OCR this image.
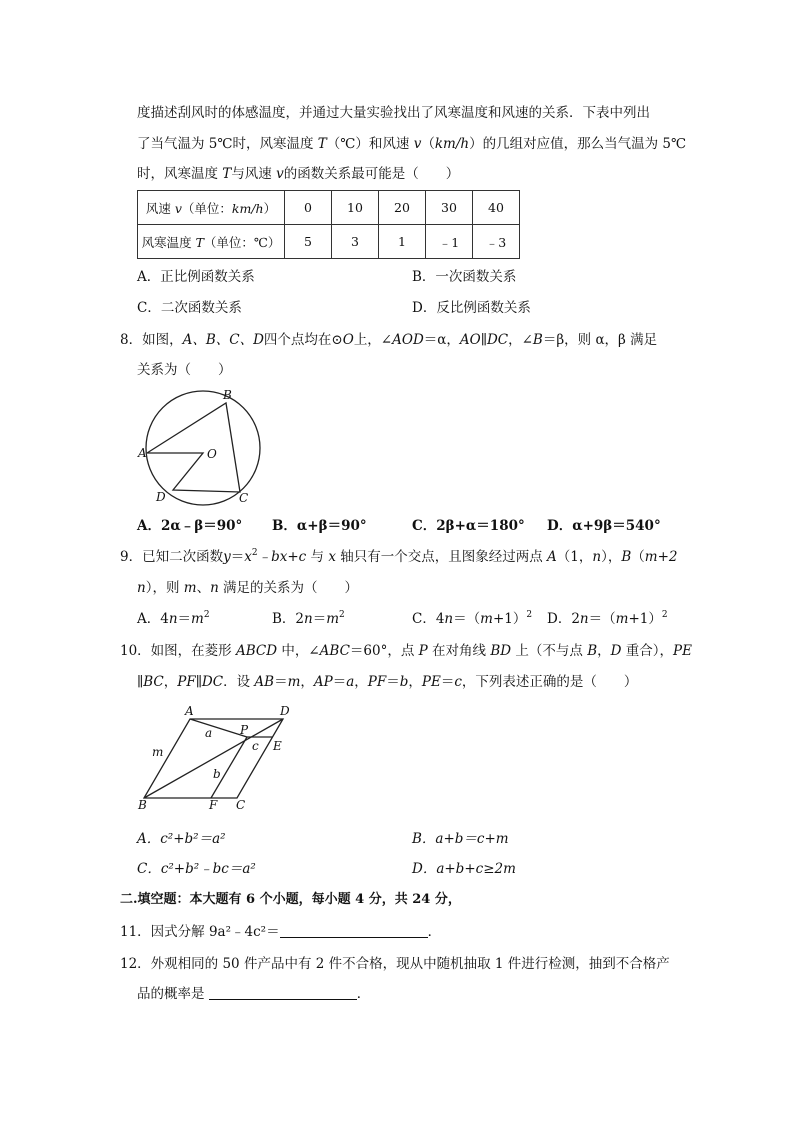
度描述刮风时的体感温度，并通过大量实验找出了风寒温度和风速的关系．下表中列出
了当气温为 5℃时，风寒温度 T（℃）和风速 v（km/h）的几组对应值，那么当气温为 5℃
时，风寒温度 T与风速 v的函数关系最可能是（　　）
风速 v（单位：km/h）	0	10	20	30	40
风寒温度 T（单位：℃）	5	3	1	﹣1	﹣3
A．正比例函数关系	B．一次函数关系
C．二次函数关系	D．反比例函数关系
8．如图，A、B、C、D四个点均在⊙O上，∠AOD＝α，AO∥DC，∠B＝β，则 α，β 满足
关系为（　　）
B
A	O
D	C
A．2α﹣β＝90° B．α+β＝90°	C．2β+α＝180° D．α+9β＝540°
9．已知二次函数$y=x^2﹣bx+c$ 与 x 轴只有一个交点，且图象经过两点 A（1，n），B（m+2
n），则 m、n 满足的关系为（　　）
A．$4n=m^2$	B．$2n=m^2$	C．$4n=(m+1)^2$ D．$2n=(m+1)^2$
10．如图，在菱形 ABCD 中，∠ABC＝60°，点 P 在对角线 BD 上（不与点 B，D 重合），PE
∥BC，PF∥DC．设 AB＝m，AP＝a，PF＝b，PE＝c，下列表述正确的是（　　）
A	D
B	C
F
E
P
a
b
c
m
A．c²+b²＝a²	B．a+b＝c+m
C．c²+b²﹣bc＝a²	D．a+b+c≥2m
二.填空题：本大题有 6 个小题，每小题 4 分，共 24 分，
11．因式分解 9a²﹣4c²＝	．
12．外观相同的 50 件产品中有 2 件不合格，现从中随机抽取 1 件进行检测，抽到不合格产
品的概率是	．
